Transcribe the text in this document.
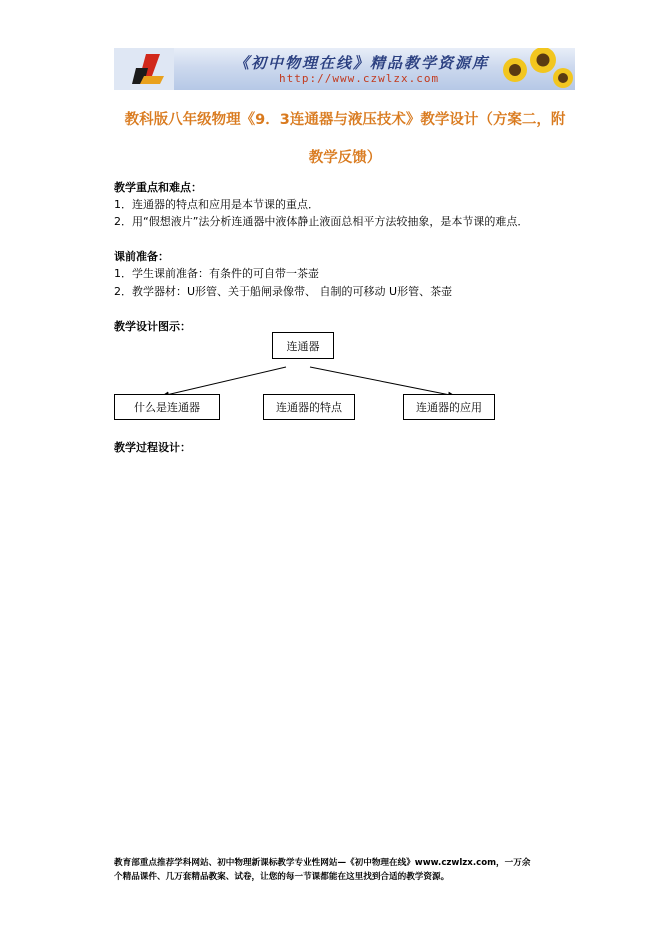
《初中物理在线》精品教学资源库
http://www.czwlzx.com
教科版八年级物理《9．3连通器与液压技术》教学设计（方案二，附
教学反馈）
教学重点和难点：
1．连通器的特点和应用是本节课的重点．
2．用“假想液片”法分析连通器中液体静止液面总相平方法较抽象，是本节课的难点．
课前准备：
1．学生课前准备：有条件的可自带一茶壶
2．教学器材：U形管、关于船闸录像带、 自制的可移动 U形管、茶壶
教学设计图示：
连通器
什么是连通器	连通器的特点	连通器的应用
教学过程设计：
教育部重点推荐学科网站、初中物理新课标教学专业性网站—《初中物理在线》www.czwlzx.com，一万余
个精品课件、几万套精品教案、试卷，让您的每一节课都能在这里找到合适的教学资源。
